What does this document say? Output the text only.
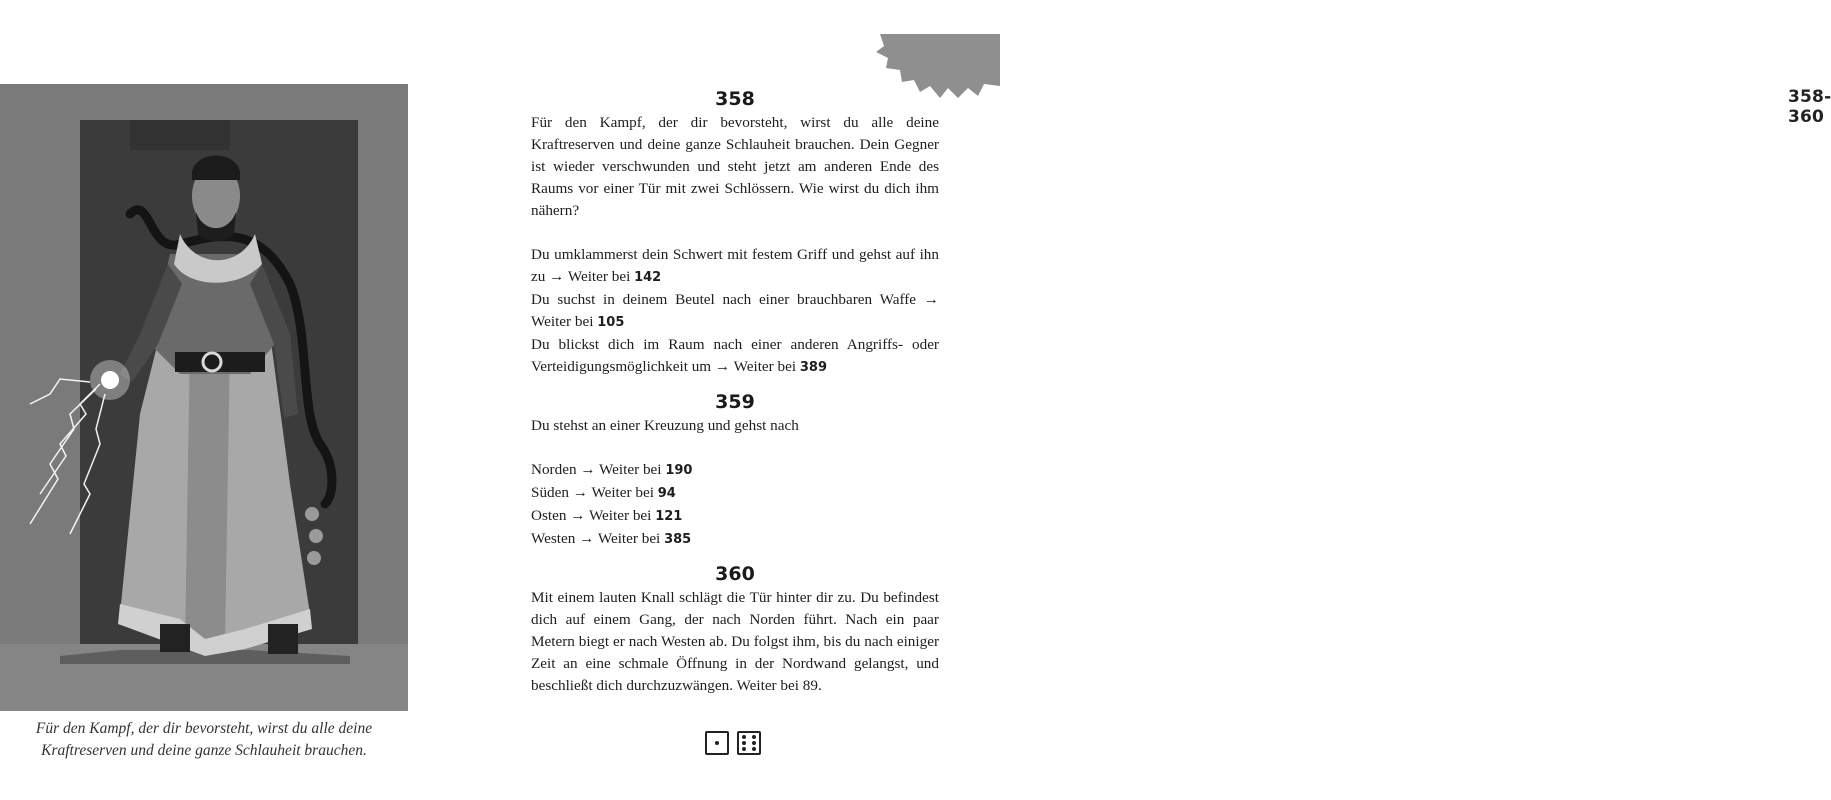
358-360
Für den Kampf, der dir bevorsteht, wirst du alle deine
Kraftreserven und deine ganze Schlauheit brauchen.
358

Für den Kampf, der dir bevorsteht, wirst du alle deine Kraftreserven und deine ganze Schlauheit brauchen. Dein Gegner ist wieder verschwunden und steht jetzt am anderen Ende des Raums vor einer Tür mit zwei Schlössern. Wie wirst du dich ihm nähern?

Du umklammerst dein Schwert mit festem Griff und gehst auf ihn zu → Weiter bei 142

Du suchst in deinem Beutel nach einer brauchbaren Waffe → Weiter bei 105

Du blickst dich im Raum nach einer anderen Angriffs- oder Verteidigungsmöglichkeit um → Weiter bei 389

359

Du stehst an einer Kreuzung und gehst nach

Norden → Weiter bei 190

Süden → Weiter bei 94

Osten → Weiter bei 121

Westen → Weiter bei 385

360

Mit einem lauten Knall schlägt die Tür hinter dir zu. Du befindest dich auf einem Gang, der nach Norden führt. Nach ein paar Metern biegt er nach Westen ab. Du folgst ihm, bis du nach einiger Zeit an eine schmale Öffnung in der Nordwand gelangst, und beschließt dich durchzuzwängen. Weiter bei 89.
